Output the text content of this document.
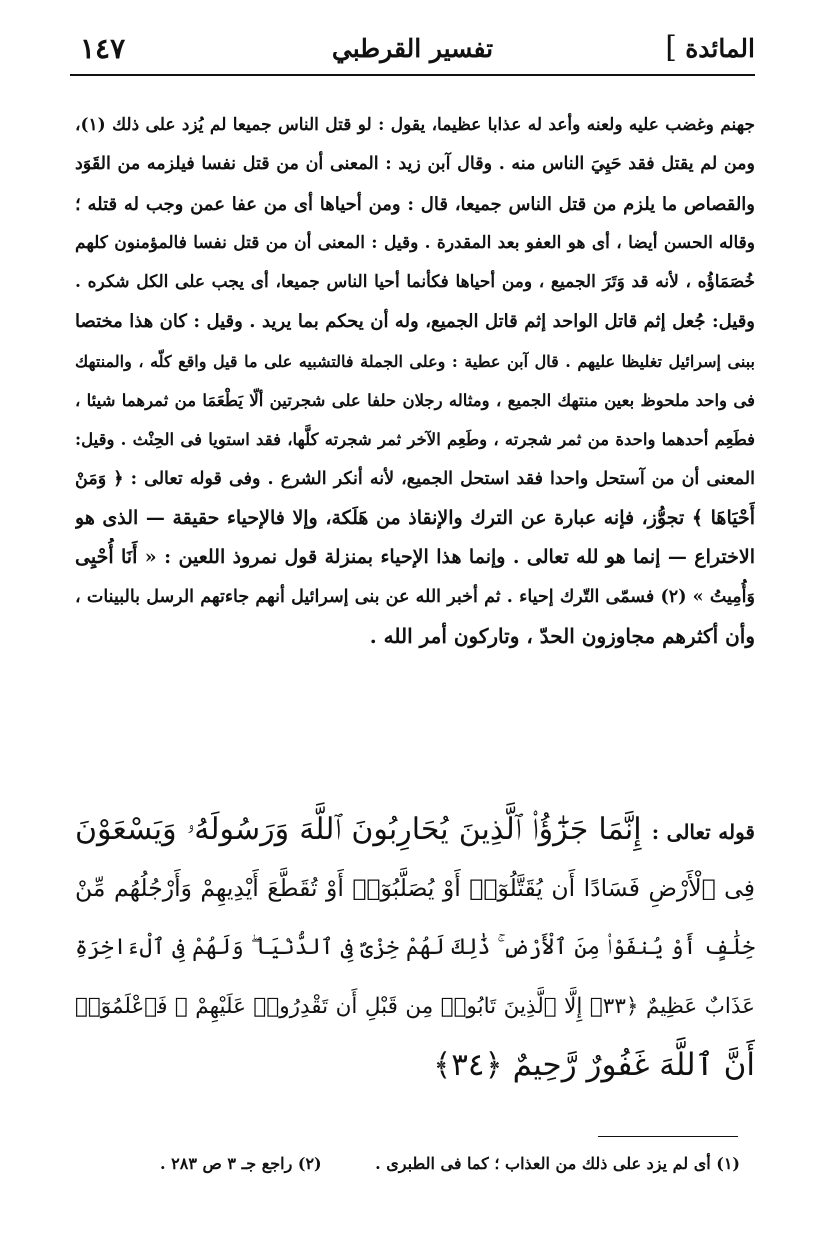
المائدة
]
تفسير القرطبي
١٤٧
جهنم وغضب عليه ولعنه وأعد له عذابا عظيما، يقول : لو قتل الناس جميعا لم يُزد على ذلك (١)،
ومن لم يقتل فقد حَيِيَ الناس منه . وقال آبن زيد : المعنى أن من قتل نفسا فيلزمه من القَوَد
والقصاص ما يلزم من قتل الناس جميعا، قال : ومن أحياها أى من عفا عمن وجب له قتله ؛
وقاله الحسن أيضا ، أى هو العفو بعد المقدرة . وقيل : المعنى أن من قتل نفسا فالمؤمنون كلهم
خُصَمَاؤُه ، لأنه قد وَتَرَ الجميع ، ومن أحياها فكأنما أحيا الناس جميعا، أى يجب على الكل شكره .
وقيل: جُعل إثم قاتل الواحد إثم قاتل الجميع، وله أن يحكم بما يريد . وقيل : كان هذا مختصا
ببنى إسرائيل تغليظا عليهم . قال آبن عطية : وعلى الجملة فالتشبيه على ما قيل واقع كلّه ، والمنتهك
فى واحد ملحوظ بعين منتهك الجميع ، ومثاله رجلان حلفا على شجرتين ألّا يَطْعَمَا من ثمرهما شيئا ،
فطَعِم أحدهما واحدة من ثمر شجرته ، وطَعِم الآخر ثمر شجرته كلَّها، فقد استويا فى الحِنْث . وقيل:
المعنى أن من آستحل واحدا فقد استحل الجميع، لأنه أنكر الشرع . وفى قوله تعالى : ﴿ وَمَنْ
أَحْيَاهَا ﴾ تجوُّز، فإنه عبارة عن الترك والإنقاذ من هَلَكة، وإلا فالإحياء حقيقة — الذى هو
الاختراع — إنما هو لله تعالى . وإنما هذا الإحياء بمنزلة قول نمروذ اللعين : « أَنَا أُحْيِى
وَأُمِيتُ » (٢) فسمّى التّرك إحياء . ثم أخبر الله عن بنى إسرائيل أنهم جاءتهم الرسل بالبينات ،
وأن أكثرهم مجاوزون الحدّ ، وتاركون أمر الله .
قوله تعالى : إِنَّمَا جَزَٰٓؤُا۟ ٱلَّذِينَ يُحَارِبُونَ ٱللَّهَ وَرَسُولَهُۥ وَيَسْعَوْنَ
فِى ٱلْأَرْضِ فَسَادًا أَن يُقَتَّلُوٓا۟ أَوْ يُصَلَّبُوٓا۟ أَوْ تُقَطَّعَ أَيْدِيهِمْ وَأَرْجُلُهُم مِّنْ
خِلَٰفٍ أَوْ يُنفَوْا۟ مِنَ ٱلْأَرْضِ ۚ ذَٰلِكَ لَهُمْ خِزْىٌ فِى ٱلدُّنْيَا ۖ وَلَهُمْ فِى ٱلْءَاخِرَةِ
عَذَابٌ عَظِيمٌ ﴿٣٣﴾ إِلَّا ٱلَّذِينَ تَابُوا۟ مِن قَبْلِ أَن تَقْدِرُوا۟ عَلَيْهِمْ ۖ فَٱعْلَمُوٓا۟
أَنَّ ٱللَّهَ غَفُورٌ رَّحِيمٌ ﴿٣٤﴾
(١) أى لم يزد على ذلك من العذاب ؛ كما فى الطبرى .
(٢) راجع جـ ٣ ص ٢٨٣ .
